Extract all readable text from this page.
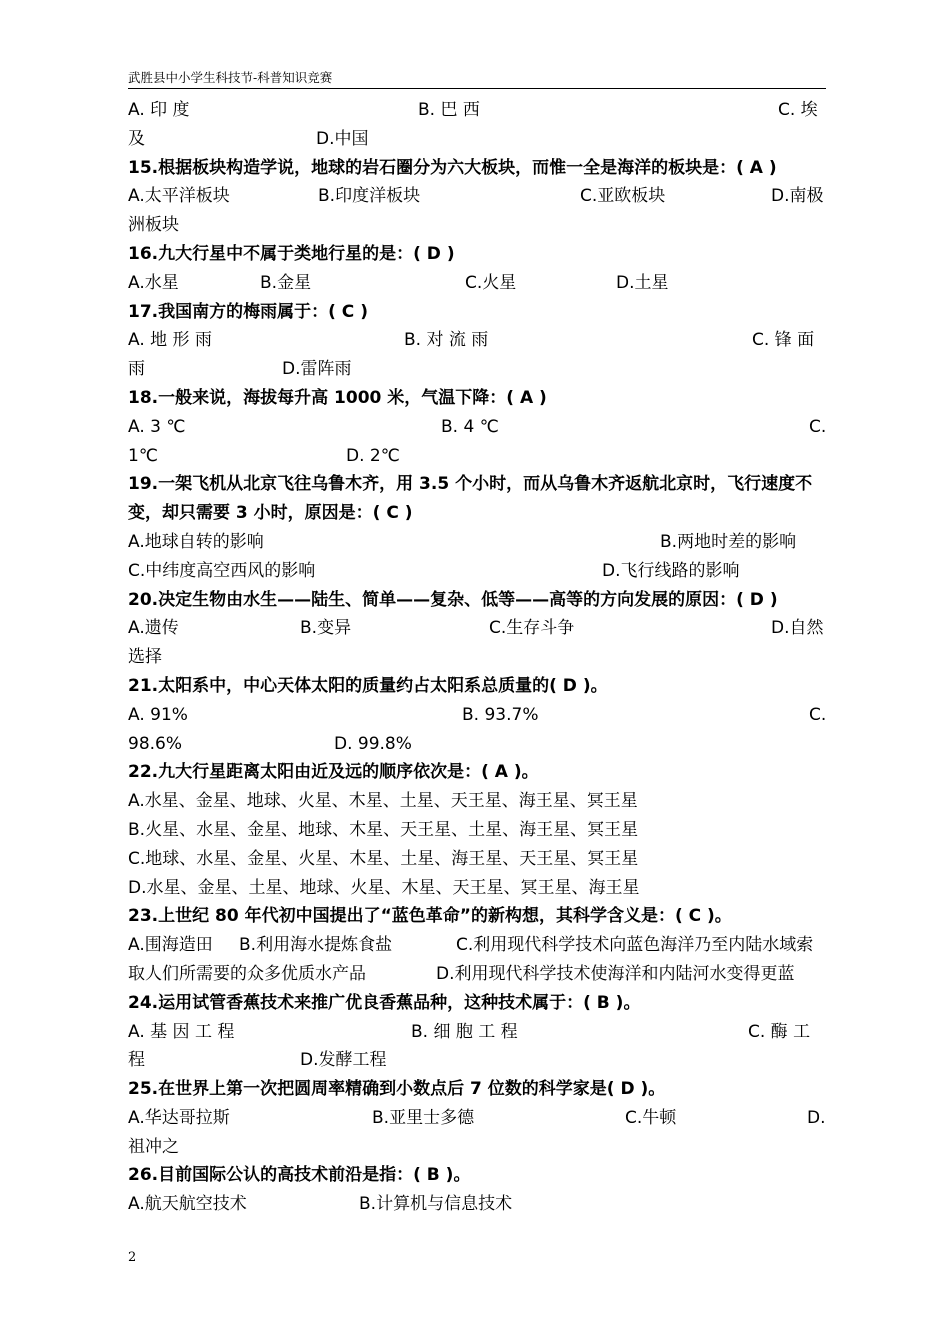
武胜县中小学生科技节-科普知识竞赛
A. 印 度	B. 巴 西	C. 埃
及	D.中国
15.根据板块构造学说，地球的岩石圈分为六大板块，而惟一全是海洋的板块是：( A )
A.太平洋板块	B.印度洋板块	C.亚欧板块	D.南极
洲板块
16.九大行星中不属于类地行星的是：( D )
A.水星	B.金星	C.火星	D.土星
17.我国南方的梅雨属于：( C )
A. 地 形 雨	B. 对 流 雨	C. 锋 面
雨	D.雷阵雨
18.一般来说，海拔每升高 1000 米，气温下降：( A )
A. 3 ℃	B. 4 ℃	C.
1℃	D. 2℃
19.一架飞机从北京飞往乌鲁木齐，用 3.5 个小时，而从乌鲁木齐返航北京时，飞行速度不
变，却只需要 3 小时，原因是：( C )
A.地球自转的影响	B.两地时差的影响
C.中纬度高空西风的影响	D.飞行线路的影响
20.决定生物由水生——陆生、简单——复杂、低等——高等的方向发展的原因：( D )
A.遗传	B.变异	C.生存斗争	D.自然
选择
21.太阳系中，中心天体太阳的质量约占太阳系总质量的( D )。
A. 91%	B. 93.7%	C.
98.6%	D. 99.8%
22.九大行星距离太阳由近及远的顺序依次是：( A )。
A.水星、金星、地球、火星、木星、土星、天王星、海王星、冥王星
B.火星、水星、金星、地球、木星、天王星、土星、海王星、冥王星
C.地球、水星、金星、火星、木星、土星、海王星、天王星、冥王星
D.水星、金星、土星、地球、火星、木星、天王星、冥王星、海王星
23.上世纪 80 年代初中国提出了“蓝色革命”的新构想，其科学含义是：( C )。
A.围海造田 B.利用海水提炼食盐	C.利用现代科学技术向蓝色海洋乃至内陆水域索
取人们所需要的众多优质水产品	D.利用现代科学技术使海洋和内陆河水变得更蓝
24.运用试管香蕉技术来推广优良香蕉品种，这种技术属于：( B )。
A. 基 因 工 程	B. 细 胞 工 程	C. 酶 工
程	D.发酵工程
25.在世界上第一次把圆周率精确到小数点后 7 位数的科学家是( D )。
A.华达哥拉斯	B.亚里士多德	C.牛顿	D.
祖冲之
26.目前国际公认的高技术前沿是指：( B )。
A.航天航空技术	B.计算机与信息技术
2
